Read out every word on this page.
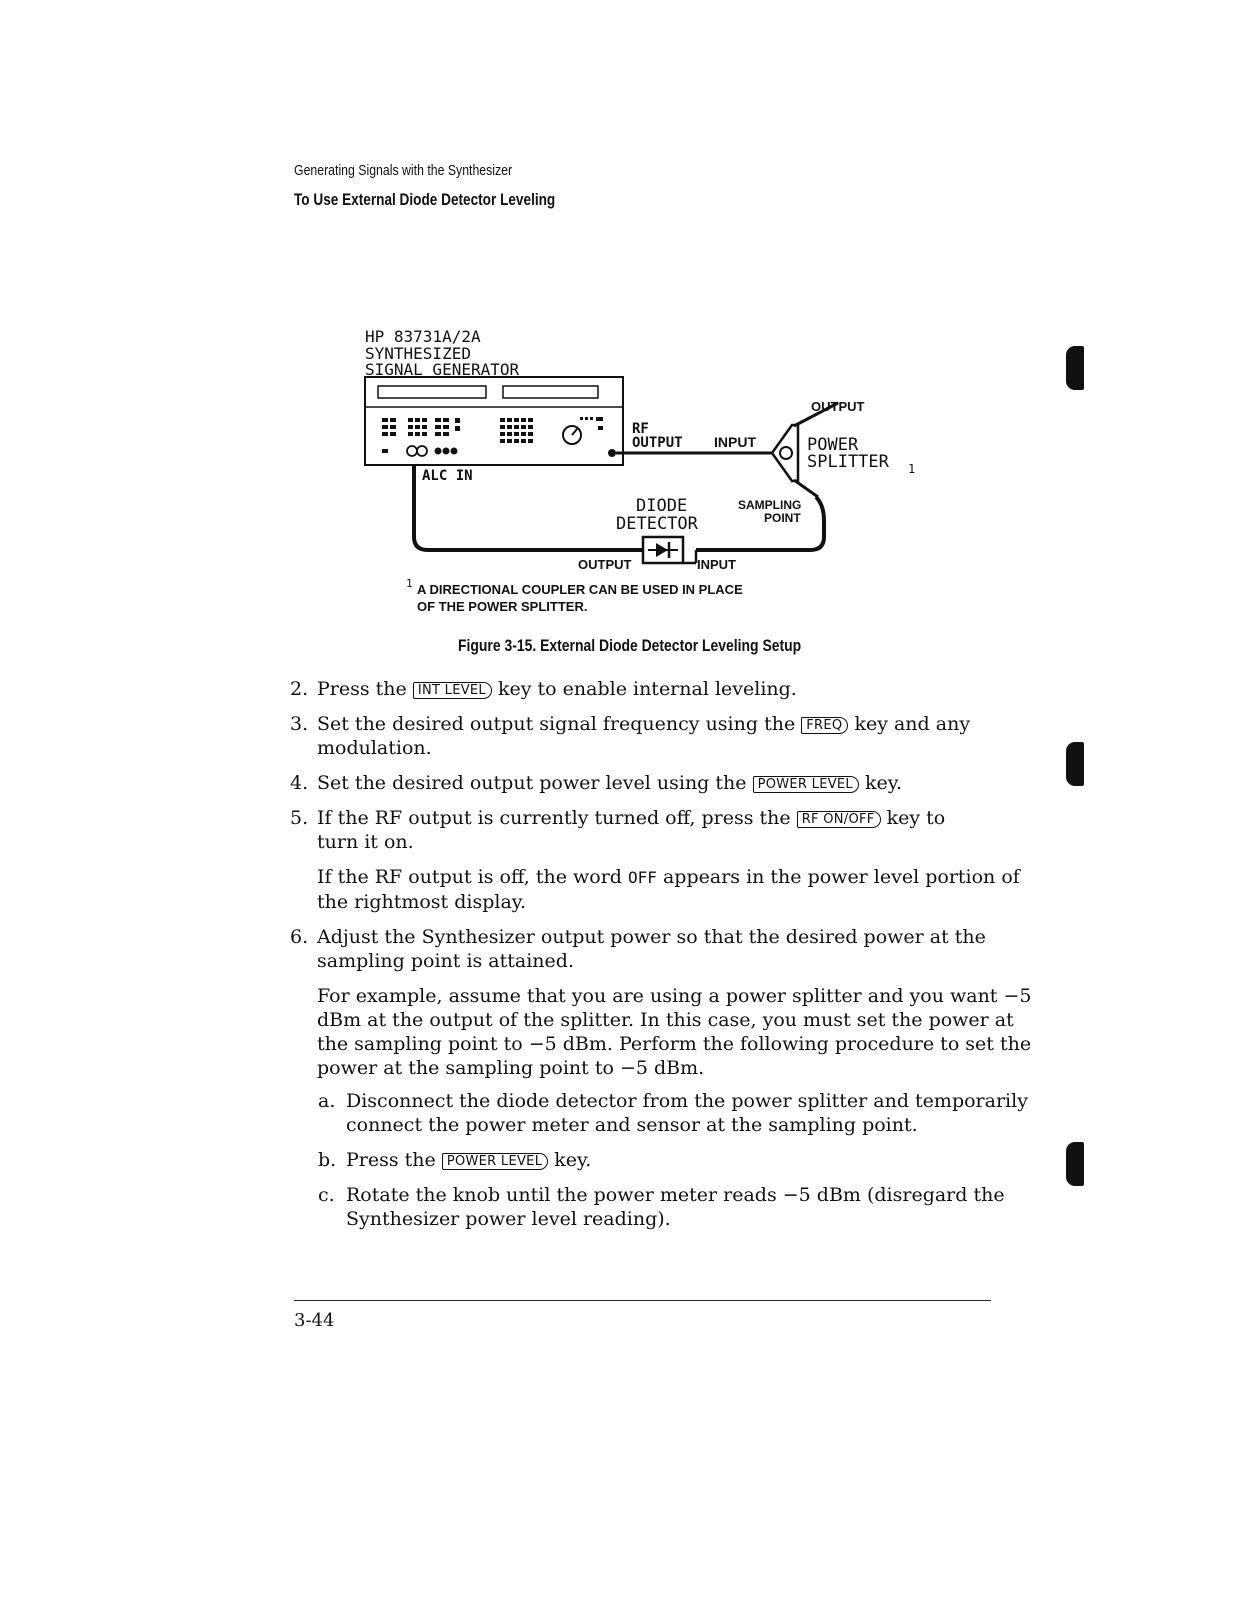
Generating Signals with the Synthesizer
To Use External Diode Detector Leveling
HP 83731A/2A
SYNTHESIZED
SIGNAL GENERATOR
ALC IN
RF
OUTPUT INPUT
OUTPUT
POWER
SPLITTER 1
DIODE
DETECTOR
SAMPLING
POINT
OUTPUT	INPUT
1 A DIRECTIONAL COUPLER CAN BE USED IN PLACE
OF THE POWER SPLITTER.
Figure 3-15. External Diode Detector Leveling Setup
2. Press the INT LEVEL key to enable internal leveling.
3. Set the desired output signal frequency using the FREQ key and any
modulation.
4. Set the desired output power level using the POWER LEVEL key.
5. If the RF output is currently turned off, press the RF ON/OFF key to
turn it on.
If the RF output is off, the word OFF appears in the power level portion of
the rightmost display.
6. Adjust the Synthesizer output power so that the desired power at the
sampling point is attained.
For example, assume that you are using a power splitter and you want −5
dBm at the output of the splitter. In this case, you must set the power at
the sampling point to −5 dBm. Perform the following procedure to set the
power at the sampling point to −5 dBm.
a. Disconnect the diode detector from the power splitter and temporarily
connect the power meter and sensor at the sampling point.
b. Press the POWER LEVEL key.
c. Rotate the knob until the power meter reads −5 dBm (disregard the
Synthesizer power level reading).
3-44
